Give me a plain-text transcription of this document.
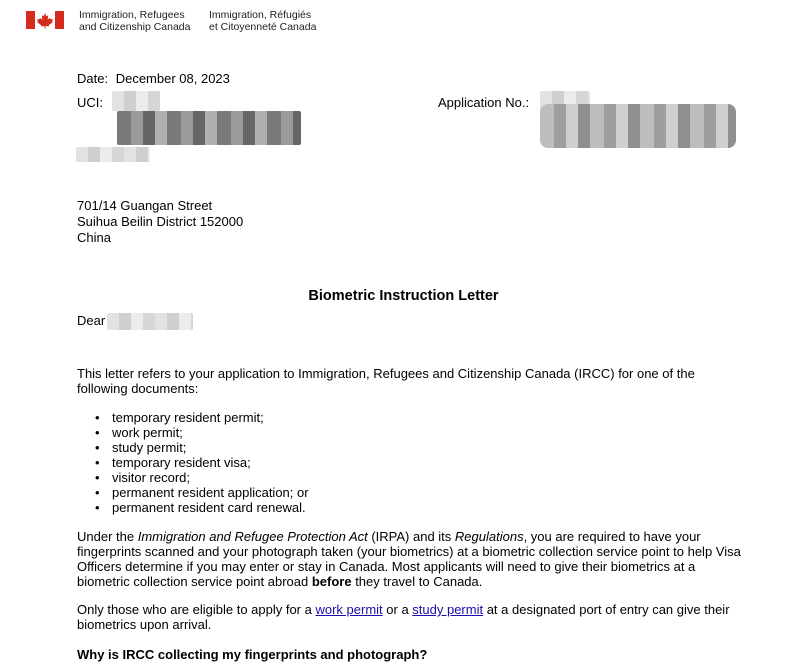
Immigration, Refugees
and Citizenship Canada
Immigration, Réfugiés
et Citoyenneté Canada
Date: December 08, 2023
UCI:	Application No.:
701/14 Guangan Street
Suihua Beilin District 152000
China
Biometric Instruction Letter
Dear
This letter refers to your application to Immigration, Refugees and Citizenship Canada (IRCC) for one of the following documents:
• temporary resident permit;
• work permit;
• study permit;
• temporary resident visa;
• visitor record;
• permanent resident application; or
• permanent resident card renewal.
Under the Immigration and Refugee Protection Act (IRPA) and its Regulations, you are required to have your fingerprints scanned and your photograph taken (your biometrics) at a biometric collection service point to help Visa Officers determine if you may enter or stay in Canada. Most applicants will need to give their biometrics at a biometric collection service point abroad before they travel to Canada.
Only those who are eligible to apply for a work permit or a study permit at a designated port of entry can give their biometrics upon arrival.
Why is IRCC collecting my fingerprints and photograph?
